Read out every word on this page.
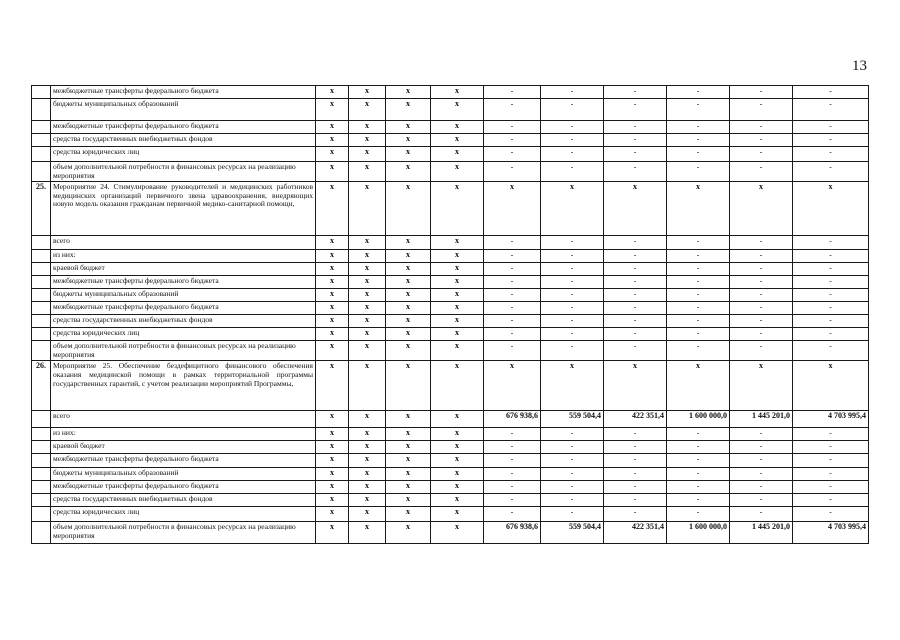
13
	межбюджетные трансферты федерального бюджета	x	x	x	x	-	-	-	-	-	-
	бюджеты муниципальных образований	x	x	x	x	-	-	-	-	-	-
	межбюджетные трансферты федерального бюджета	x	x	x	x	-	-	-	-	-	-
	средства государственных внебюджетных фондов	x	x	x	x	-	-	-	-	-	-
	средства юридических лиц	x	x	x	x	-	-	-	-	-	-
	объем дополнительной потребности в финансовых ресурсах на реализацию мероприятия	x	x	x	x	-	-	-	-	-	-
25.	Мероприятие 24. Стимулирование руководителей и медицинских работников медицинских организаций первичного звена здравоохранения, внедряющих новую модель оказания гражданам первичной медико-санитарной помощи,	x	x	x	x	x	x	x	x	x	x
	всего	x	x	x	x	-	-	-	-	-	-
	из них:	x	x	x	x	-	-	-	-	-	-
	краевой бюджет	x	x	x	x	-	-	-	-	-	-
	межбюджетные трансферты федерального бюджета	x	x	x	x	-	-	-	-	-	-
	бюджеты муниципальных образований	x	x	x	x	-	-	-	-	-	-
	межбюджетные трансферты федерального бюджета	x	x	x	x	-	-	-	-	-	-
	средства государственных внебюджетных фондов	x	x	x	x	-	-	-	-	-	-
	средства юридических лиц	x	x	x	x	-	-	-	-	-	-
	объем дополнительной потребности в финансовых ресурсах на реализацию мероприятия	x	x	x	x	-	-	-	-	-	-
26.	Мероприятие 25. Обеспечение бездефицитного финансового обеспечения оказания медицинской помощи в рамках территориальной программы государственных гарантий, с учетом реализации мероприятий Программы,	x	x	x	x	x	x	x	x	x	x
	всего	x	x	x	x	676 938,6	559 504,4	422 351,4	1 600 000,0	1 445 201,0	4 703 995,4
	из них:	x	x	x	x	-	-	-	-	-	-
	краевой бюджет	x	x	x	x	-	-	-	-	-	-
	межбюджетные трансферты федерального бюджета	x	x	x	x	-	-	-	-	-	-
	бюджеты муниципальных образований	x	x	x	x	-	-	-	-	-	-
	межбюджетные трансферты федерального бюджета	x	x	x	x	-	-	-	-	-	-
	средства государственных внебюджетных фондов	x	x	x	x	-	-	-	-	-	-
	средства юридических лиц	x	x	x	x	-	-	-	-	-	-
	объем дополнительной потребности в финансовых ресурсах на реализацию мероприятия	x	x	x	x	676 938,6	559 504,4	422 351,4	1 600 000,0	1 445 201,0	4 703 995,4
